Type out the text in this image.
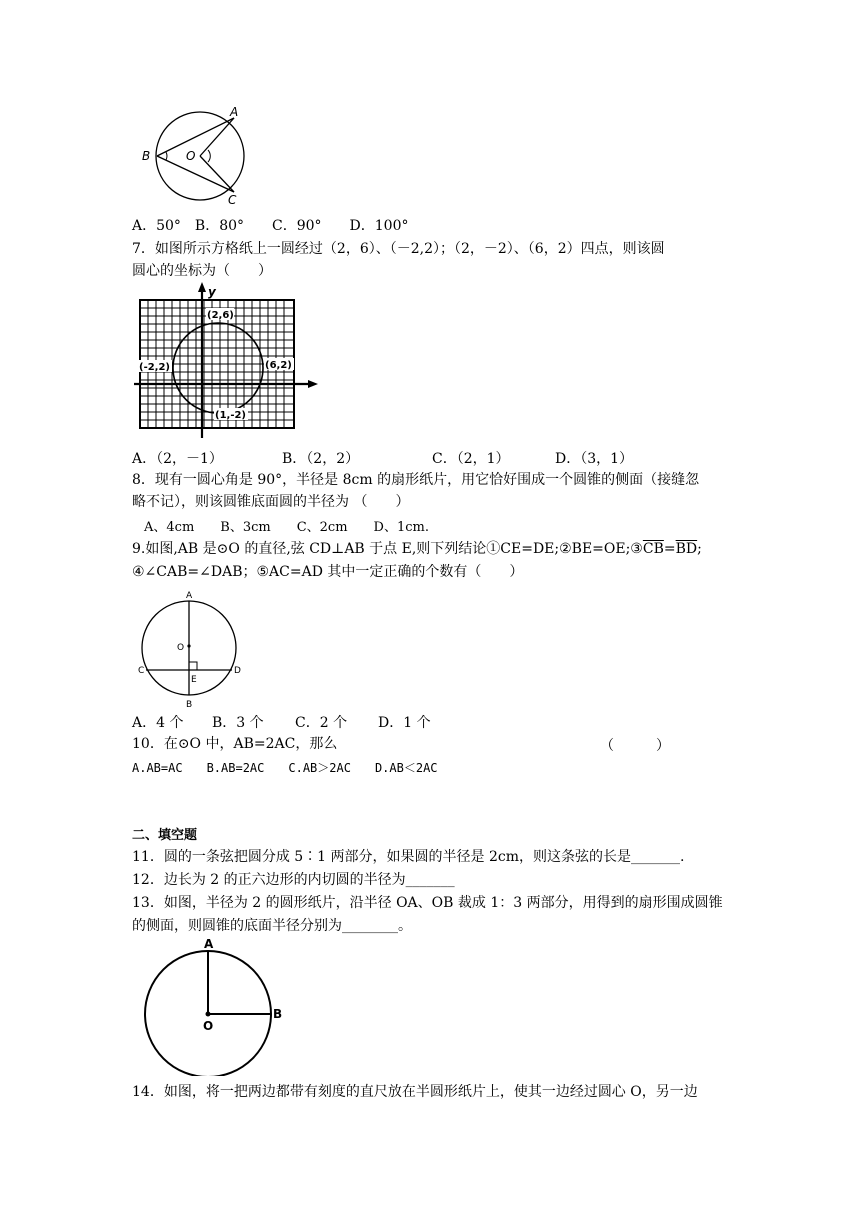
A
B	O
C
A．50°　B．80°　　C．90°　　D．100°
7．如图所示方格纸上一圆经过（2，6）、（－2,2）；（2，－2）、（6，2）四点，则该圆
圆心的坐标为（　　）
y
(2,6)
(-2,2)	(6,2)
(1,-2)
A．（2，－1）	B．（2，2）	C．（2，1）	D．（3，1）
8．现有一圆心角是 90°，半径是 8cm 的扇形纸片，用它恰好围成一个圆锥的侧面（接缝忽
略不记），则该圆锥底面圆的半径为 （　　）
A、4cm　　B、3cm　　C、2cm　　D、1cm.
9.如图,AB 是⊙O 的直径,弦 CD⊥AB 于点 E,则下列结论$①CE=DE;②BE=OE;③\overline{CB}=\overline{BD}$;
④∠CAB=∠DAB；⑤AC=AD 其中一定正确的个数有（　　）
A
O
C
E
D
B
A．4 个 B．3 个 C．2 个 D．1 个
10．在⊙O 中，AB=2AC，那么	（　　　）
A.AB=AC　　B.AB=2AC　　C.AB＞2AC　　D.AB＜2AC
二、填空题
11．圆的一条弦把圆分成 5∶1 两部分，如果圆的半径是 2cm，则这条弦的长是_______.
12．边长为 2 的正六边形的内切圆的半径为_______
13．如图，半径为 2 的圆形纸片，沿半径 OA、OB 裁成 1：3 两部分，用得到的扇形围成圆锥
的侧面，则圆锥的底面半径分别为________。
A
O
B
14．如图，将一把两边都带有刻度的直尺放在半圆形纸片上，使其一边经过圆心 O，另一边
